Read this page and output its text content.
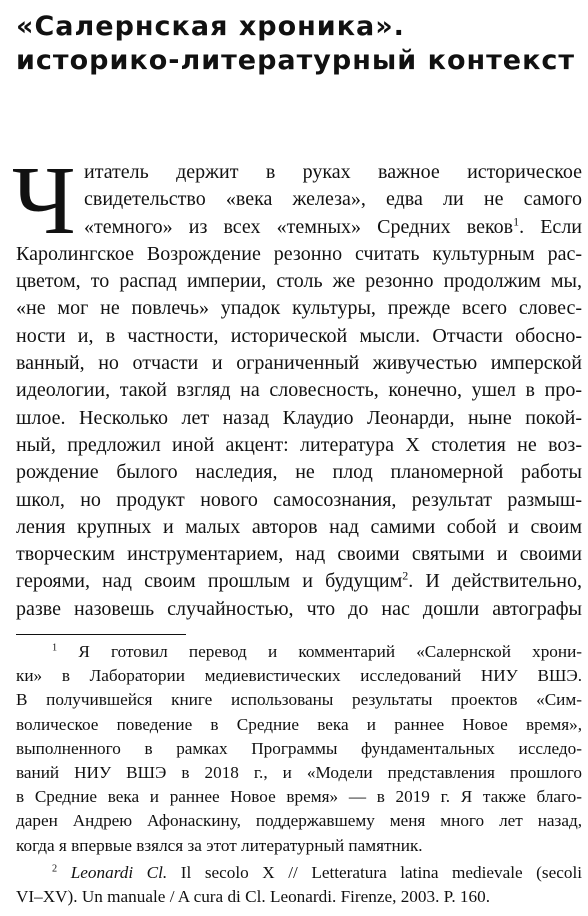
«Салернская хроника».
историко-литературный контекст
Ч итатель держит в руках важное историческое
свидетельство «века железа», едва ли не самого
«темного» из всех «темных» Средних веков$^1$. Если
Каролингское Возрождение резонно считать культурным рас-
цветом, то распад империи, столь же резонно продолжим мы,
«не мог не повлечь» упадок культуры, прежде всего словес-
ности и, в частности, исторической мысли. Отчасти обосно-
ванный, но отчасти и ограниченный живучестью имперской
идеологии, такой взгляд на словесность, конечно, ушел в про-
шлое. Несколько лет назад Клаудио Леонарди, ныне покой-
ный, предложил иной акцент: литература X столетия не воз-
рождение былого наследия, не плод планомерной работы
школ, но продукт нового самосознания, результат размыш-
ления крупных и малых авторов над самими собой и своим
творческим инструментарием, над своими святыми и своими
героями, над своим прошлым и будущим$^2$. И действительно,
разве назовешь случайностью, что до нас дошли автографы
$^1$ Я готовил перевод и комментарий «Салернской хрони-
ки» в Лаборатории медиевистических исследований НИУ ВШЭ.
В получившейся книге использованы результаты проектов «Сим-
волическое поведение в Средние века и раннее Новое время»,
выполненного в рамках Программы фундаментальных исследо-
ваний НИУ ВШЭ в 2018 г., и «Модели представления прошлого
в Средние века и раннее Новое время» — в 2019 г. Я также благо-
дарен Андрею Афонаскину, поддержавшему меня много лет назад,
когда я впервые взялся за этот литературный памятник.
$^2$ Leonardi Cl. Il secolo X // Letteratura latina medievale (secoli
VI–XV). Un manuale / A cura di Cl. Leonardi. Firenze, 2003. P. 160.
